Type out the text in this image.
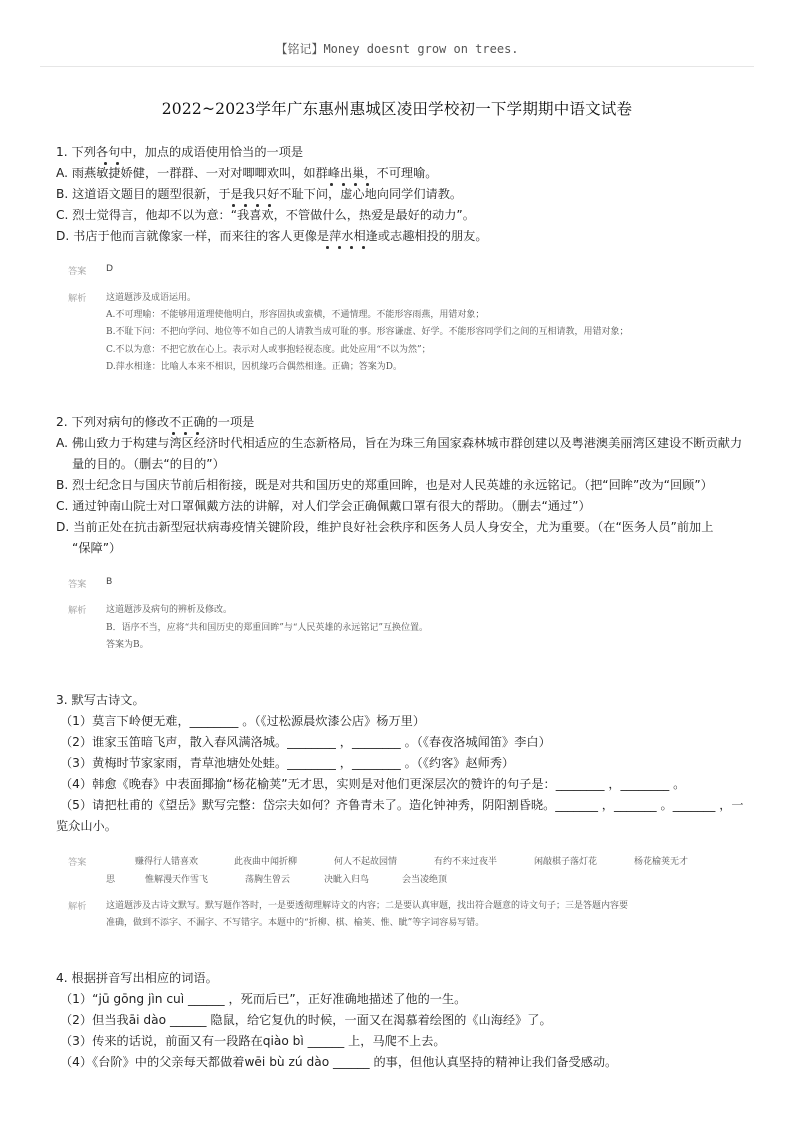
【铭记】Money doesnt grow on trees.
2022~2023学年广东惠州惠城区凌田学校初一下学期期中语文试卷
1. 下列各句中，加点的成语使用恰当的一项是
A. 雨燕敏捷娇健，一群群、一对对唧唧欢叫，如群峰出巢，不可理喻。
B. 这道语文题目的题型很新，于是我只好不耻下问，虚心地向同学们请教。
C. 烈士觉得言，他却不以为意：“我喜欢，不管做什么，热爱是最好的动力”。
D. 书店于他而言就像家一样，而来往的客人更像是萍水相逢或志趣相投的朋友。
答案 D
解析 这道题涉及成语运用。
A.不可理喻：不能够用道理使他明白，形容固执或蛮横，不通情理。不能形容雨燕，用错对象；
B.不耻下问：不把向学问、地位等不如自己的人请教当成可耻的事。形容谦虚、好学。不能形容同学们之间的互相请教，用错对象；
C.不以为意：不把它放在心上。表示对人或事抱轻视态度。此处应用“不以为然”；
D.萍水相逢：比喻人本来不相识，因机缘巧合偶然相逢。正确；答案为D。
2. 下列对病句的修改不正确的一项是
A. 佛山致力于构建与湾区经济时代相适应的生态新格局，旨在为珠三角国家森林城市群创建以及粤港澳美丽湾区建设不断贡献力
量的目的。（删去“的目的”）
B. 烈士纪念日与国庆节前后相衔接，既是对共和国历史的郑重回眸，也是对人民英雄的永远铭记。（把“回眸”改为“回顾”）
C. 通过钟南山院士对口罩佩戴方法的讲解，对人们学会正确佩戴口罩有很大的帮助。（删去“通过”）
D. 当前正处在抗击新型冠状病毒疫情关键阶段，维护良好社会秩序和医务人员人身安全，尤为重要。（在“医务人员”前加上
“保障”）
答案 B
解析 这道题涉及病句的辨析及修改。
B．语序不当，应将“共和国历史的郑重回眸”与“人民英雄的永远铭记”互换位置。
答案为B。
3. 默写古诗文。
（1）莫言下岭便无难，________ 。（《过松源晨炊漆公店》杨万里）
（2）谁家玉笛暗飞声，散入春风满洛城。________ ，________ 。（《春夜洛城闻笛》李白）
（3）黄梅时节家家雨，青草池塘处处蛙。________ ，________ 。（《约客》赵师秀）
（4）韩愈《晚春》中表面揶揄“杨花榆荚”无才思，实则是对他们更深层次的赞许的句子是：________ ，________ 。
（5）请把杜甫的《望岳》默写完整：岱宗夫如何？齐鲁青未了。造化钟神秀，阴阳割昏晓。_______ ，_______ 。_______ ，一
览众山小。
答案	赚得行人错喜欢	此夜曲中闻折柳	何人不起故园情	有约不来过夜半	闲敲棋子落灯花	杨花榆荚无才
思	惟解漫天作雪飞	荡胸生曾云	决眦入归鸟	会当凌绝顶
解析 这道题涉及古诗文默写。默写题作答时，一是要透彻理解诗文的内容；二是要认真审题，找出符合题意的诗文句子；三是答题内容要
准确，做到不添字、不漏字、不写错字。本题中的“折柳、棋、榆荚、惟、眦”等字词容易写错。
4. 根据拼音写出相应的词语。
（1）“jū gōng jìn cuì ______ ，死而后已”，正好准确地描述了他的一生。
（2）但当我āi dào ______ 隐鼠，给它复仇的时候，一面又在渴慕着绘图的《山海经》了。
（3）传来的话说，前面又有一段路在qiào bì ______ 上，马爬不上去。
（4）《台阶》中的父亲每天都做着wēi bù zú dào ______ 的事，但他认真坚持的精神让我们备受感动。
